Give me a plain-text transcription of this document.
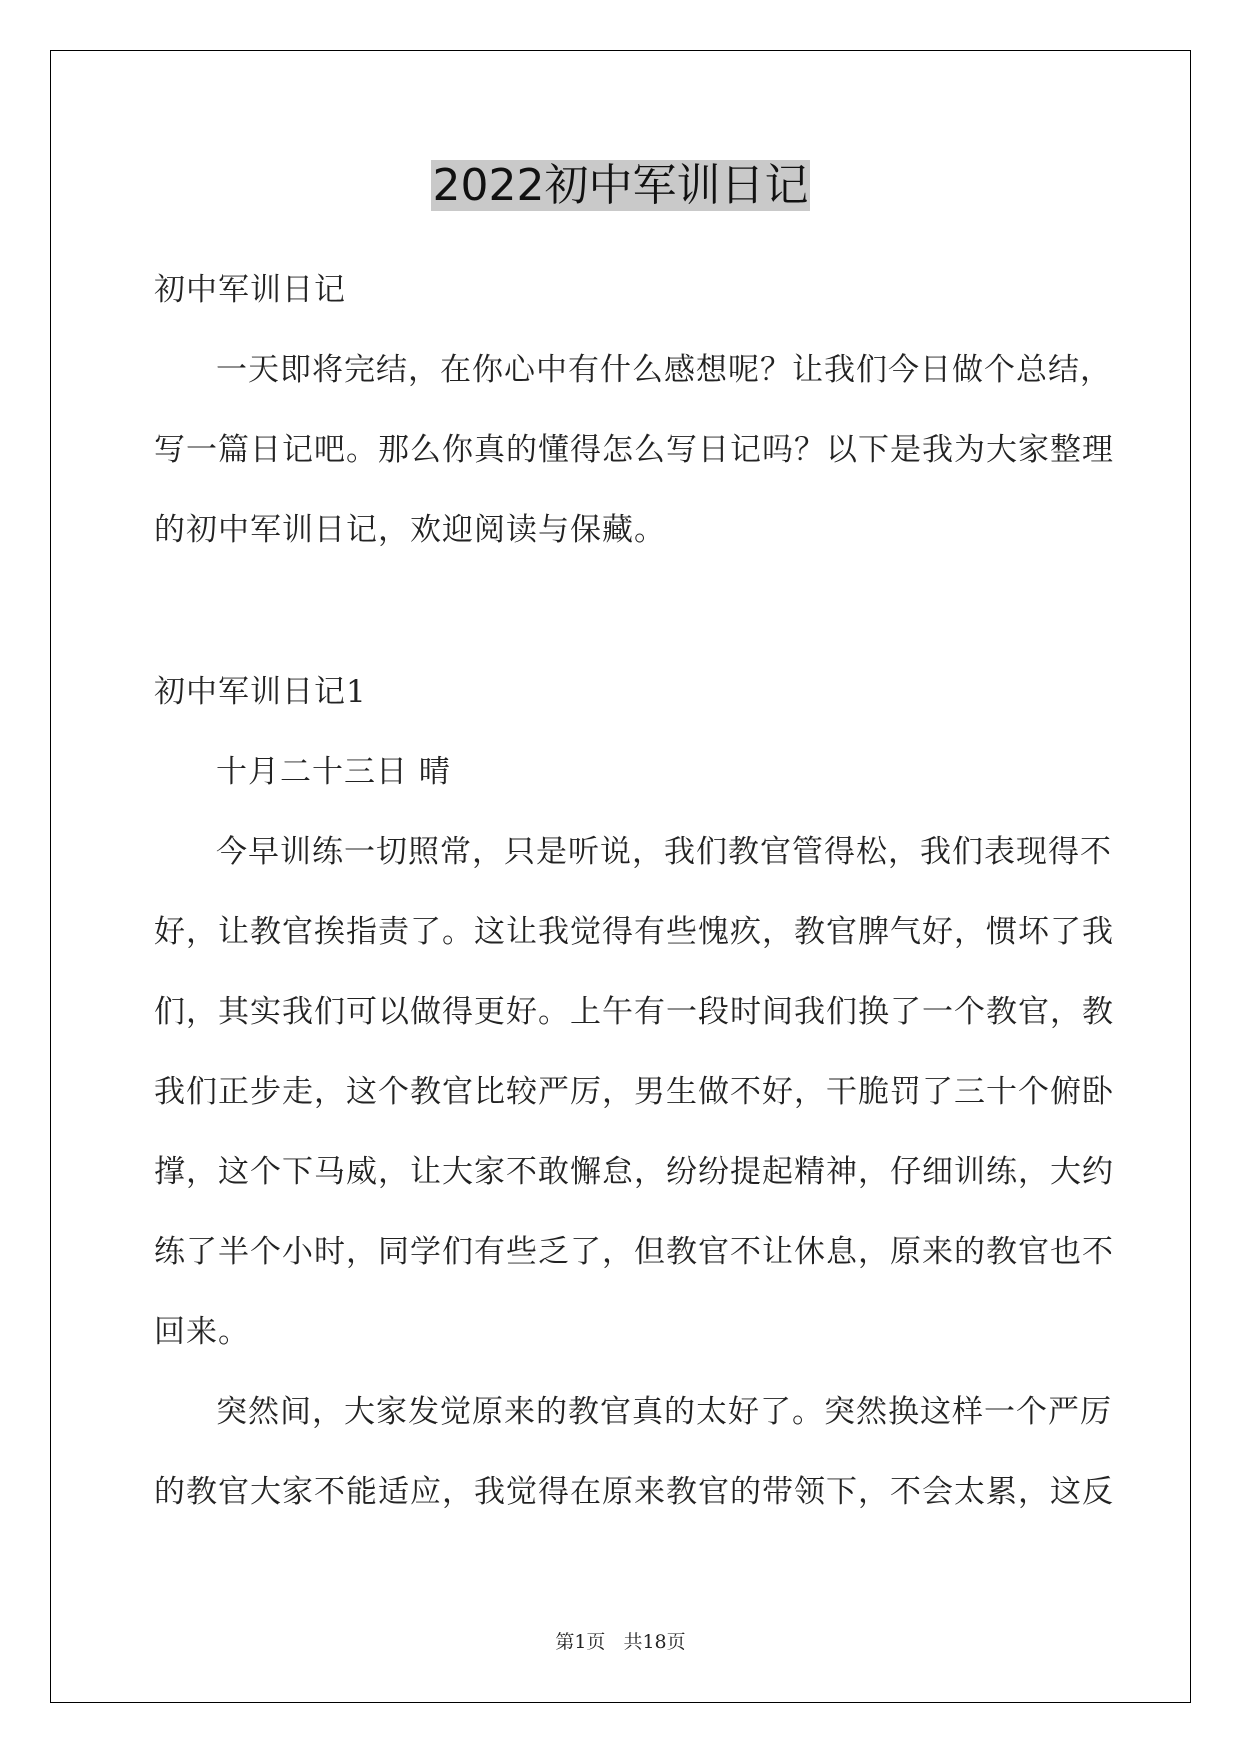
2022初中军训日记
初中军训日记
一天即将完结，在你心中有什么感想呢？让我们今日做个总结，
写一篇日记吧。那么你真的懂得怎么写日记吗？以下是我为大家整理
的初中军训日记，欢迎阅读与保藏。
初中军训日记1
十月二十三日 晴
今早训练一切照常，只是听说，我们教官管得松，我们表现得不
好，让教官挨指责了。这让我觉得有些愧疚，教官脾气好，惯坏了我
们，其实我们可以做得更好。上午有一段时间我们换了一个教官，教
我们正步走，这个教官比较严厉，男生做不好，干脆罚了三十个俯卧
撑，这个下马威，让大家不敢懈怠，纷纷提起精神，仔细训练，大约
练了半个小时，同学们有些乏了，但教官不让休息，原来的教官也不
回来。
突然间，大家发觉原来的教官真的太好了。突然换这样一个严厉
的教官大家不能适应，我觉得在原来教官的带领下，不会太累，这反
第1页 共18页
